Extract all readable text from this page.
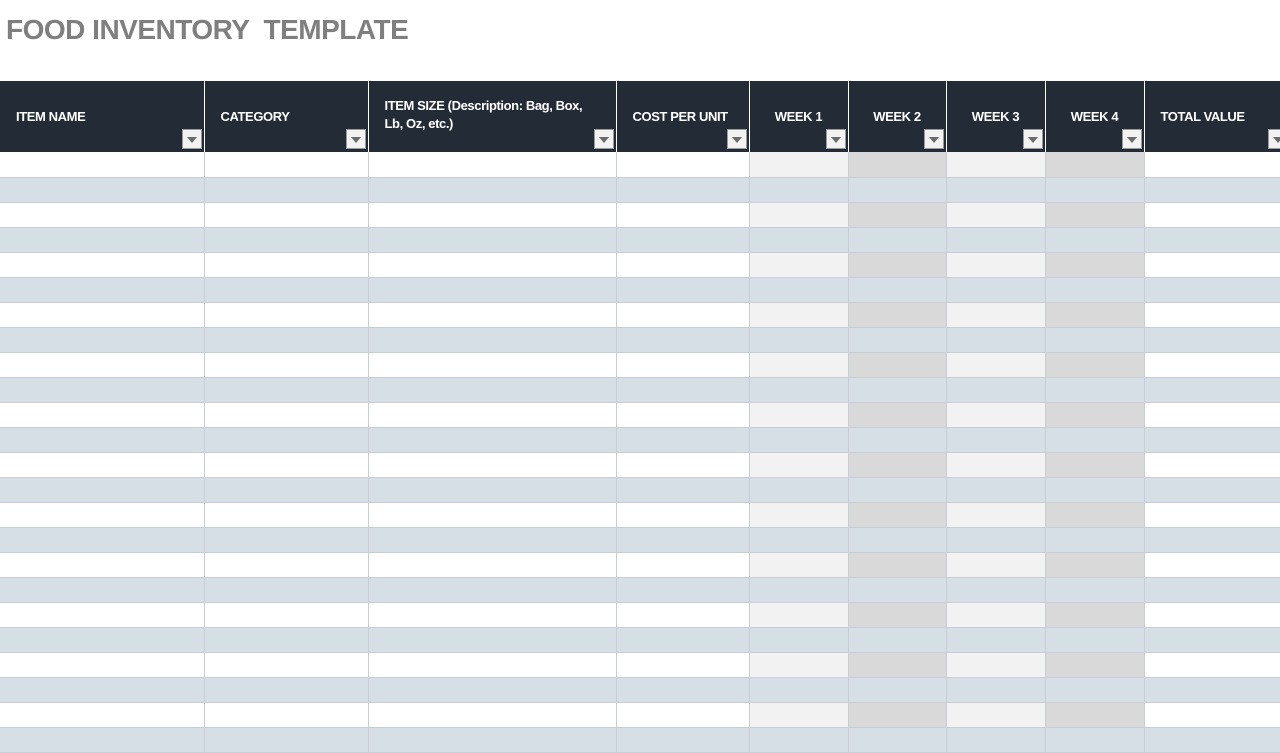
FOOD INVENTORY  TEMPLATE
ITEM NAME	CATEGORY	ITEM SIZE (Description: Bag, Box, Lb, Oz, etc.)	COST PER UNIT	WEEK 1	WEEK 2	WEEK 3	WEEK 4	TOTAL VALUE
